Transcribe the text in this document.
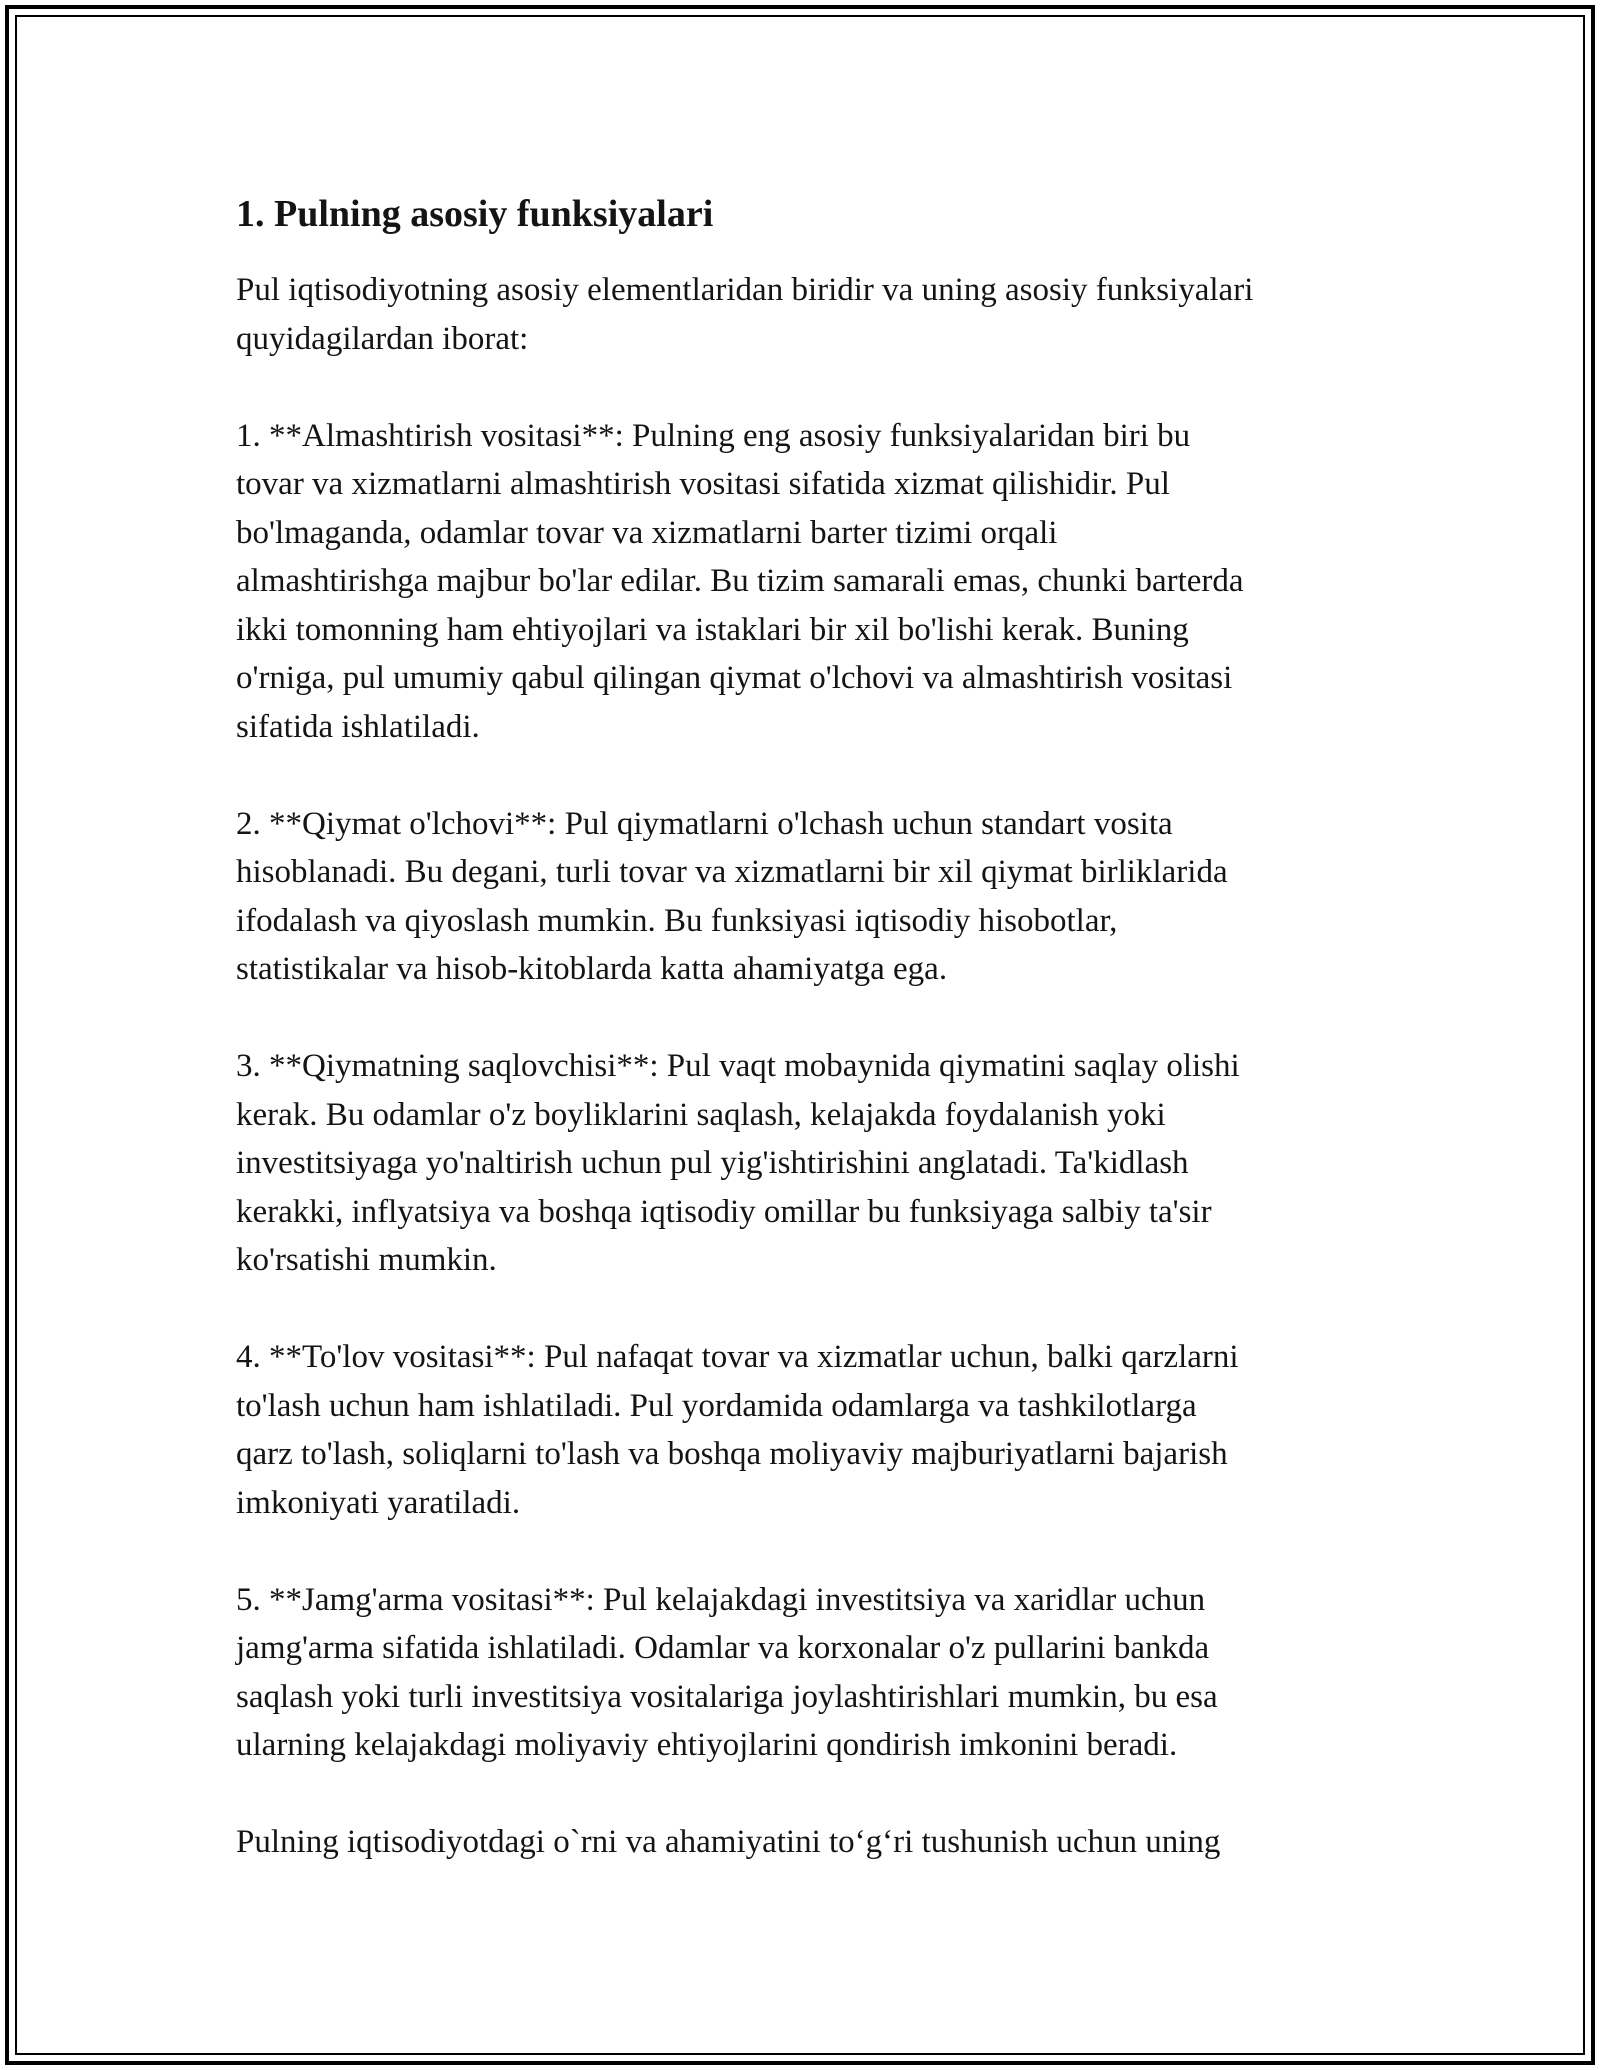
1. Pulning asosiy funksiyalari

Pul iqtisodiyotning asosiy elementlaridan biridir va uning asosiy funksiyalari
quyidagilardan iborat:

1. **Almashtirish vositasi**: Pulning eng asosiy funksiyalaridan biri bu
tovar va xizmatlarni almashtirish vositasi sifatida xizmat qilishidir. Pul
bo'lmaganda, odamlar tovar va xizmatlarni barter tizimi orqali
almashtirishga majbur bo'lar edilar. Bu tizim samarali emas, chunki barterda
ikki tomonning ham ehtiyojlari va istaklari bir xil bo'lishi kerak. Buning
o'rniga, pul umumiy qabul qilingan qiymat o'lchovi va almashtirish vositasi
sifatida ishlatiladi.

2. **Qiymat o'lchovi**: Pul qiymatlarni o'lchash uchun standart vosita
hisoblanadi. Bu degani, turli tovar va xizmatlarni bir xil qiymat birliklarida
ifodalash va qiyoslash mumkin. Bu funksiyasi iqtisodiy hisobotlar,
statistikalar va hisob-kitoblarda katta ahamiyatga ega.

3. **Qiymatning saqlovchisi**: Pul vaqt mobaynida qiymatini saqlay olishi
kerak. Bu odamlar o'z boyliklarini saqlash, kelajakda foydalanish yoki
investitsiyaga yo'naltirish uchun pul yig'ishtirishini anglatadi. Ta'kidlash
kerakki, inflyatsiya va boshqa iqtisodiy omillar bu funksiyaga salbiy ta'sir
ko'rsatishi mumkin.

4. **To'lov vositasi**: Pul nafaqat tovar va xizmatlar uchun, balki qarzlarni
to'lash uchun ham ishlatiladi. Pul yordamida odamlarga va tashkilotlarga
qarz to'lash, soliqlarni to'lash va boshqa moliyaviy majburiyatlarni bajarish
imkoniyati yaratiladi.

5. **Jamg'arma vositasi**: Pul kelajakdagi investitsiya va xaridlar uchun
jamg'arma sifatida ishlatiladi. Odamlar va korxonalar o'z pullarini bankda
saqlash yoki turli investitsiya vositalariga joylashtirishlari mumkin, bu esa
ularning kelajakdagi moliyaviy ehtiyojlarini qondirish imkonini beradi.

Pulning iqtisodiyotdagi o`rni va ahamiyatini to‘g‘ri tushunish uchun uning
